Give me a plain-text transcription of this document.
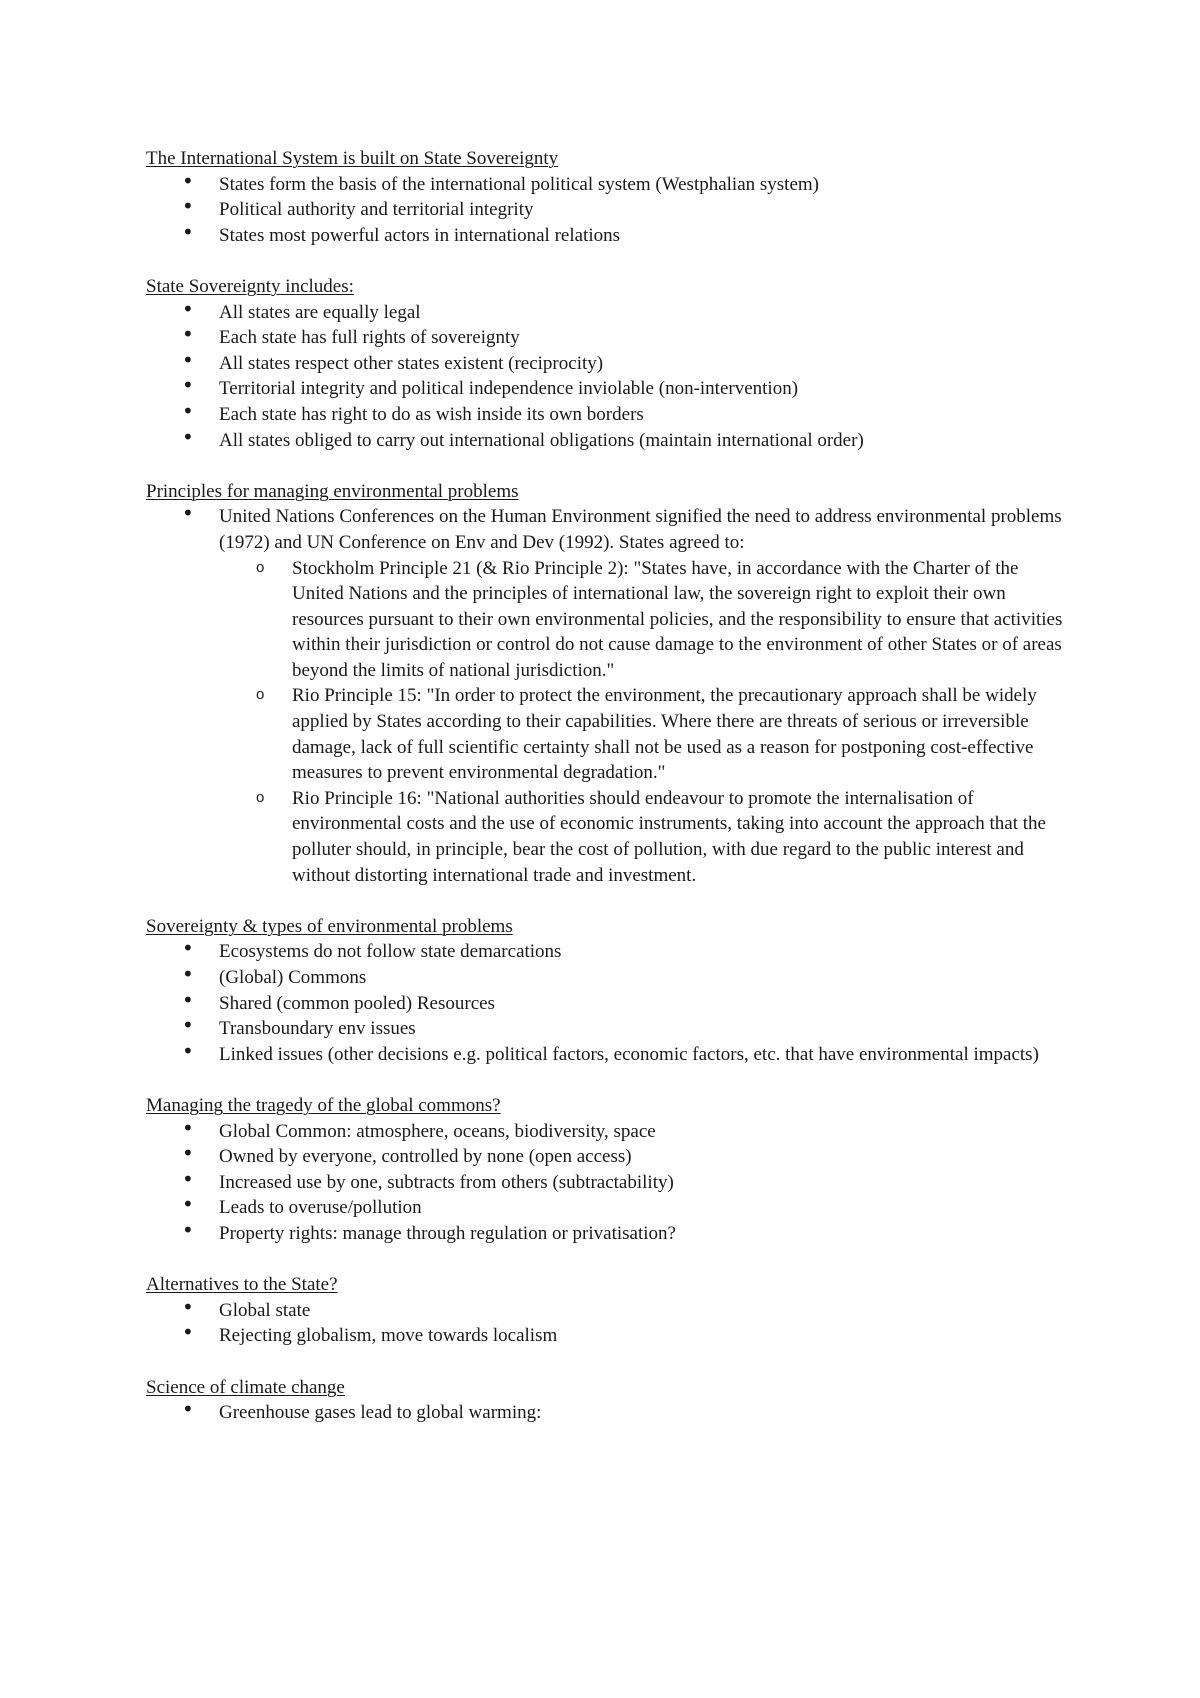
The International System is built on State Sovereignty
• States form the basis of the international political system (Westphalian system)
• Political authority and territorial integrity
• States most powerful actors in international relations
State Sovereignty includes:
• All states are equally legal
• Each state has full rights of sovereignty
• All states respect other states existent (reciprocity)
• Territorial integrity and political independence inviolable (non-intervention)
• Each state has right to do as wish inside its own borders
• All states obliged to carry out international obligations (maintain international order)
Principles for managing environmental problems
• United Nations Conferences on the Human Environment signified the need to address environmental problems (1972) and UN Conference on Env and Dev (1992). States agreed to:
o Stockholm Principle 21 (& Rio Principle 2): "States have, in accordance with the Charter of the United Nations and the principles of international law, the sovereign right to exploit their own resources pursuant to their own environmental policies, and the responsibility to ensure that activities within their jurisdiction or control do not cause damage to the environment of other States or of areas beyond the limits of national jurisdiction."
o Rio Principle 15: "In order to protect the environment, the precautionary approach shall be widely applied by States according to their capabilities. Where there are threats of serious or irreversible damage, lack of full scientific certainty shall not be used as a reason for postponing cost-effective measures to prevent environmental degradation."
o Rio Principle 16: "National authorities should endeavour to promote the internalisation of environmental costs and the use of economic instruments, taking into account the approach that the polluter should, in principle, bear the cost of pollution, with due regard to the public interest and without distorting international trade and investment.
Sovereignty & types of environmental problems
• Ecosystems do not follow state demarcations
• (Global) Commons
• Shared (common pooled) Resources
• Transboundary env issues
• Linked issues (other decisions e.g. political factors, economic factors, etc. that have environmental impacts)
Managing the tragedy of the global commons?
• Global Common: atmosphere, oceans, biodiversity, space
• Owned by everyone, controlled by none (open access)
• Increased use by one, subtracts from others (subtractability)
• Leads to overuse/pollution
• Property rights: manage through regulation or privatisation?
Alternatives to the State?
• Global state
• Rejecting globalism, move towards localism
Science of climate change
• Greenhouse gases lead to global warming:
